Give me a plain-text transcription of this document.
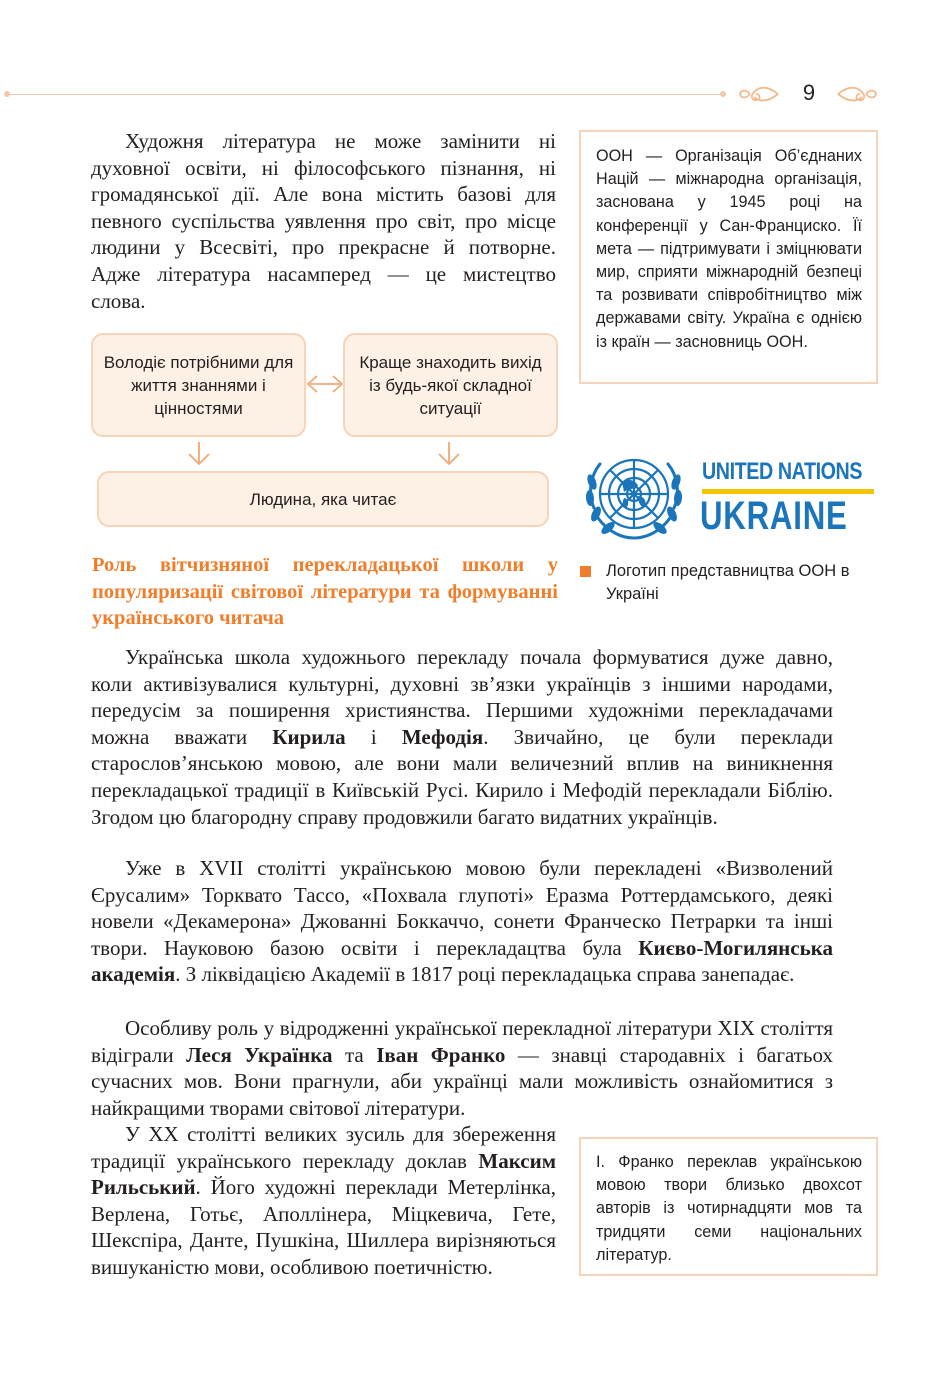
9

Художня література не може замінити ні духовної освіти, ні філософського пізнання, ні громадянської дії. Але вона містить базові для певного суспільства уявлення про світ, про місце людини у Всесвіті, про прекрасне й потворне. Адже література насамперед — це мистецтво слова.

ООН — Організація Об’єднаних Націй — міжнародна організація, заснована у 1945 році на конференції у Сан-Франциско. Її мета — підтримувати і зміцнювати мир, сприяти міжнародній безпеці та розвивати співробітництво між державами світу. Україна є однією із країн — засновниць ООН.
Володіє потрібними для життя знаннями і цінностями
Краще знаходить вихід із будь-якої складної ситуації
Людина, яка читає
UNITED NATIONS
UKRAINE
Логотип представництва ООН в Україні
Роль вітчизняної перекладацької школи у популяризації світової літератури та формуванні українського читача

Українська школа художнього перекладу почала формуватися дуже давно, коли активізувалися культурні, духовні зв’язки українців з іншими народами, передусім за поширення християнства. Першими художніми перекладачами можна вважати Кирила і Мефодія. Звичайно, це були переклади старослов’янською мовою, але вони мали величезний вплив на виникнення перекладацької традиції в Київській Русі. Кирило і Мефодій перекладали Біблію. Згодом цю благородну справу продовжили багато видатних українців.

Уже в XVII столітті українською мовою були перекладені «Визволений Єрусалим» Торквато Тассо, «Похвала глупоті» Еразма Роттердамського, деякі новели «Декамерона» Джованні Боккаччо, сонети Франческо Петрарки та інші твори. Науковою базою освіти і перекладацтва була Києво-Могилянська академія. З ліквідацією Академії в 1817 році перекладацька справа занепадає.

Особливу роль у відродженні української перекладної літератури XIX століття відіграли Леся Українка та Іван Франко — знавці стародавніх і багатьох сучасних мов. Вони прагнули, аби українці мали можливість ознайомитися з найкращими творами світової літератури.

У XX столітті великих зусиль для збереження традиції українського перекладу доклав Максим Рильський. Його художні переклади Метерлінка, Верлена, Готьє, Аполлінера, Міцкевича, Гете, Шекспіра, Данте, Пушкіна, Шиллера вирізняються вишуканістю мови, особливою поетичністю.

І. Франко переклав українською мовою твори близько двохсот авторів із чотирнадцяти мов та тридцяти семи національних літератур.
